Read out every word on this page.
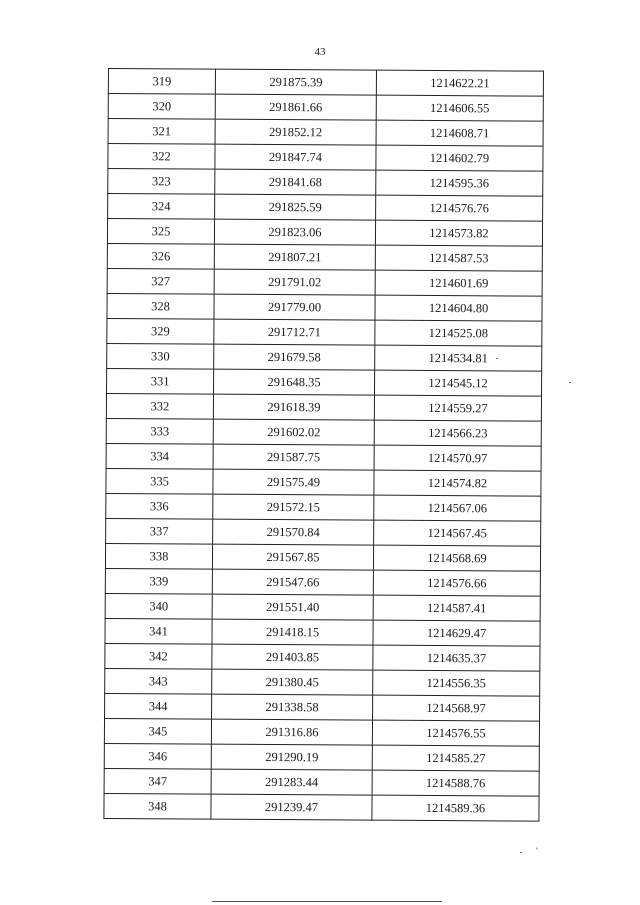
43
319	291875.39	1214622.21
320	291861.66	1214606.55
321	291852.12	1214608.71
322	291847.74	1214602.79
323	291841.68	1214595.36
324	291825.59	1214576.76
325	291823.06	1214573.82
326	291807.21	1214587.53
327	291791.02	1214601.69
328	291779.00	1214604.80
329	291712.71	1214525.08
330	291679.58	1214534.81
331	291648.35	1214545.12
332	291618.39	1214559.27
333	291602.02	1214566.23
334	291587.75	1214570.97
335	291575.49	1214574.82
336	291572.15	1214567.06
337	291570.84	1214567.45
338	291567.85	1214568.69
339	291547.66	1214576.66
340	291551.40	1214587.41
341	291418.15	1214629.47
342	291403.85	1214635.37
343	291380.45	1214556.35
344	291338.58	1214568.97
345	291316.86	1214576.55
346	291290.19	1214585.27
347	291283.44	1214588.76
348	291239.47	1214589.36
